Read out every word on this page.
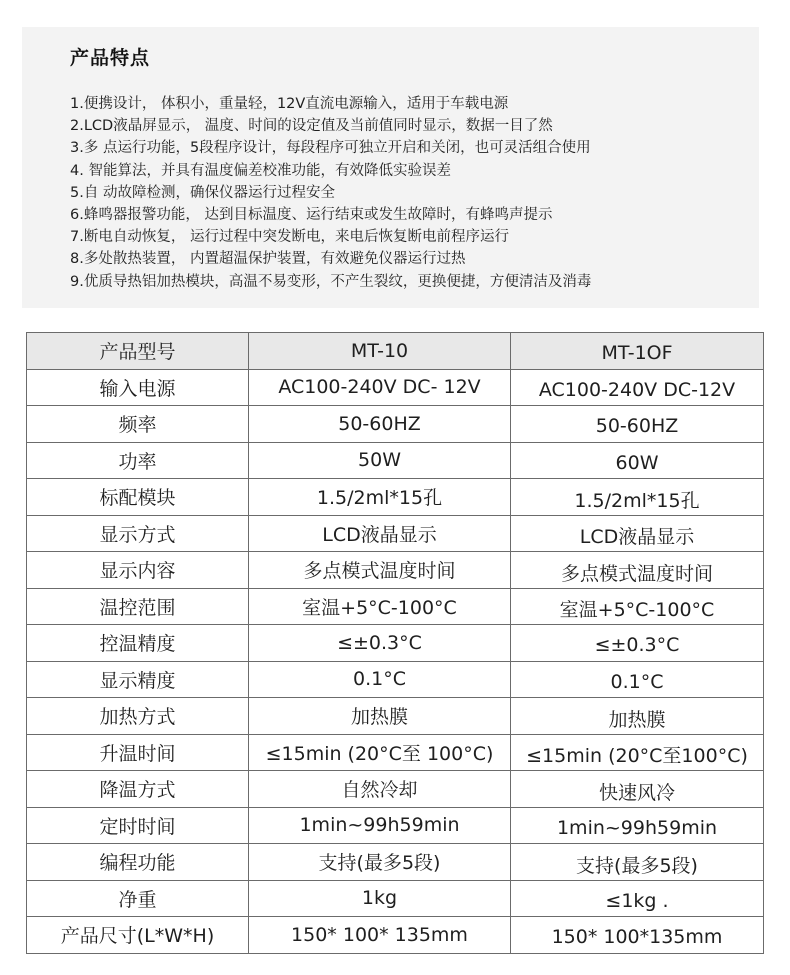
产品特点
1.便携设计， 体积小，重量轻，12V直流电源输入，适用于车载电源
2.LCD液晶屏显示， 温度、时间的设定值及当前值同时显示，数据一目了然
3.多 点运行功能，5段程序设计，每段程序可独立开启和关闭，也可灵活组合使用
4. 智能算法，并具有温度偏差校准功能，有效降低实验误差
5.自 动故障检测，确保仪器运行过程安全
6.蜂鸣器报警功能， 达到目标温度、运行结束或发生故障时，有蜂鸣声提示
7.断电自动恢复， 运行过程中突发断电，来电后恢复断电前程序运行
8.多处散热装置， 内置超温保护装置，有效避免仪器运行过热
9.优质导热铝加热模块，高温不易变形，不产生裂纹，更换便捷，方便清洁及消毒
产品型号	MT-10	MT-1OF
输入电源	AC100-240V DC- 12V	AC100-240V DC-12V
频率	50-60HZ	50-60HZ
功率	50W	60W
标配模块	1.5/2ml*15孔	1.5/2ml*15孔
显示方式	LCD液晶显示	LCD液晶显示
显示内容	多点模式温度时间	多点模式温度时间
温控范围	室温+5°C-100°C	室温+5°C-100°C
控温精度	≤±0.3°C	≤±0.3°C
显示精度	0.1°C	0.1°C
加热方式	加热膜	加热膜
升温时间	≤15min (20°C至 100°C)	≤15min (20°C至100°C)
降温方式	自然冷却	快速风冷
定时时间	1min~99h59min	1min~99h59min
编程功能	支持(最多5段)	支持(最多5段)
净重	1kg	≤1kg .
产品尺寸(L*W*H)	150* 100* 135mm	150* 100*135mm
